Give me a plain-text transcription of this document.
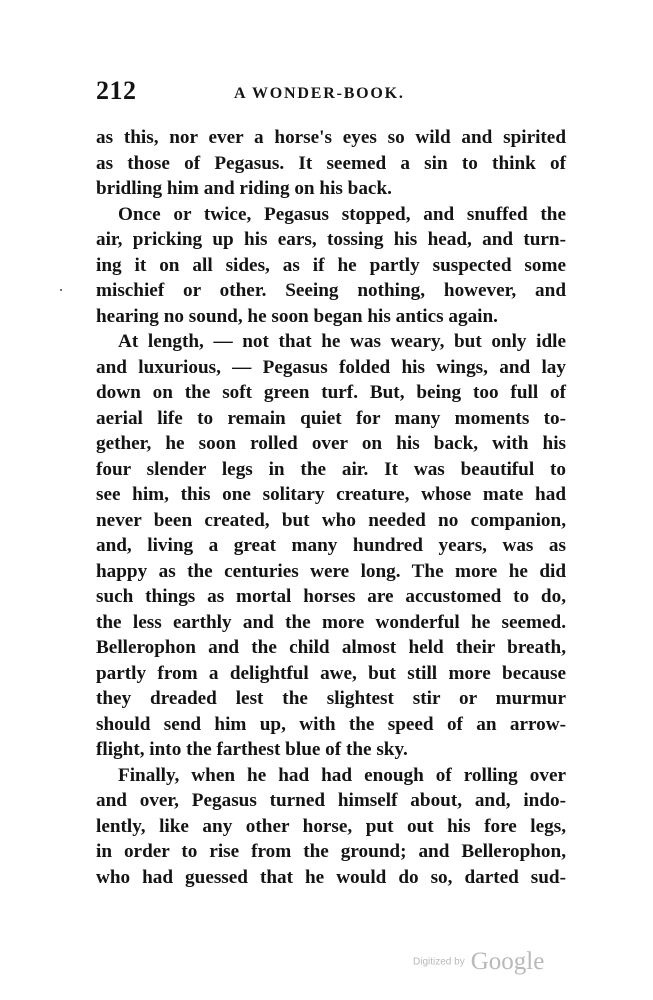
212	A WONDER-BOOK.
as this, nor ever a horse's eyes so wild and spirited
as those of Pegasus. It seemed a sin to think of
bridling him and riding on his back.
Once or twice, Pegasus stopped, and snuffed the
air, pricking up his ears, tossing his head, and turn-
ing it on all sides, as if he partly suspected some
mischief or other. Seeing nothing, however, and
hearing no sound, he soon began his antics again.
At length, — not that he was weary, but only idle
and luxurious, — Pegasus folded his wings, and lay
down on the soft green turf. But, being too full of
aerial life to remain quiet for many moments to-
gether, he soon rolled over on his back, with his
four slender legs in the air. It was beautiful to
see him, this one solitary creature, whose mate had
never been created, but who needed no companion,
and, living a great many hundred years, was as
happy as the centuries were long. The more he did
such things as mortal horses are accustomed to do,
the less earthly and the more wonderful he seemed.
Bellerophon and the child almost held their breath,
partly from a delightful awe, but still more because
they dreaded lest the slightest stir or murmur
should send him up, with the speed of an arrow-
flight, into the farthest blue of the sky.
Finally, when he had had enough of rolling over
and over, Pegasus turned himself about, and, indo-
lently, like any other horse, put out his fore legs,
in order to rise from the ground; and Bellerophon,
who had guessed that he would do so, darted sud-
Digitized by Google
